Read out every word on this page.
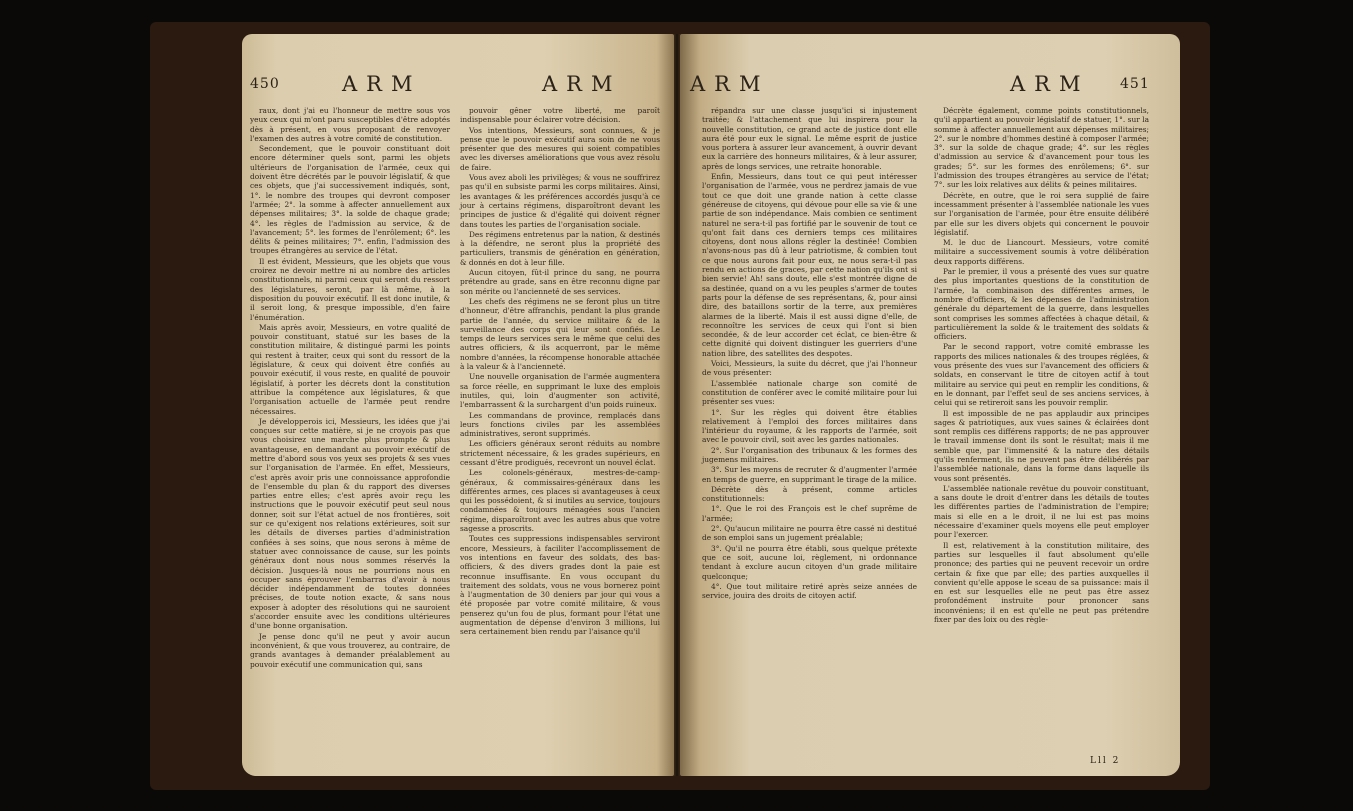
450	ARM	ARM

raux, dont j'ai eu l'honneur de mettre sous vos yeux ceux qui m'ont paru susceptibles d'être adoptés dès à présent, en vous proposant de renvoyer l'examen des autres à votre comité de constitution.

Secondement, que le pouvoir constituant doit encore déterminer quels sont, parmi les objets ultérieurs de l'organisation de l'armée, ceux qui doivent être décrétés par le pouvoir législatif, & que ces objets, que j'ai successivement indiqués, sont, 1°. le nombre des troupes qui devront composer l'armée; 2°. la somme à affecter annuellement aux dépenses militaires; 3°. la solde de chaque grade; 4°. les règles de l'admission au service, & de l'avancement; 5°. les formes de l'enrôlement; 6°. les délits & peines militaires; 7°. enfin, l'admission des troupes étrangères au service de l'état.

Il est évident, Messieurs, que les objets que vous croirez ne devoir mettre ni au nombre des articles constitutionnels, ni parmi ceux qui seront du ressort des législatures, seront, par là même, à la disposition du pouvoir exécutif. Il est donc inutile, & il seroit long, & presque impossible, d'en faire l'énumération.

Mais après avoir, Messieurs, en votre qualité de pouvoir constituant, statué sur les bases de la constitution militaire, & distingué parmi les points qui restent à traiter, ceux qui sont du ressort de la législature, & ceux qui doivent être confiés au pouvoir exécutif, il vous reste, en qualité de pouvoir législatif, à porter les décrets dont la constitution attribue la compétence aux législatures, & que l'organisation actuelle de l'armée peut rendre nécessaires.

Je développerois ici, Messieurs, les idées que j'ai conçues sur cette matière, si je ne croyois pas que vous choisirez une marche plus prompte & plus avantageuse, en demandant au pouvoir exécutif de mettre d'abord sous vos yeux ses projets & ses vues sur l'organisation de l'armée. En effet, Messieurs, c'est après avoir pris une connoissance approfondie de l'ensemble du plan & du rapport des diverses parties entre elles; c'est après avoir reçu les instructions que le pouvoir exécutif peut seul nous donner, soit sur l'état actuel de nos frontières, soit sur ce qu'exigent nos relations extérieures, soit sur les détails de diverses parties d'administration confiées à ses soins, que nous serons à même de statuer avec connoissance de cause, sur les points généraux dont nous nous sommes réservés la décision. Jusques-là nous ne pourrions nous en occuper sans éprouver l'embarras d'avoir à nous décider indépendamment de toutes données précises, de toute notion exacte, & sans nous exposer à adopter des résolutions qui ne sauroient s'accorder ensuite avec les conditions ultérieures d'une bonne organisation.

Je pense donc qu'il ne peut y avoir aucun inconvénient, & que vous trouverez, au contraire, de grands avantages à demander préalablement au pouvoir exécutif une communication qui, sans

pouvoir gêner votre liberté, me paroît indispensable pour éclairer votre décision.

Vos intentions, Messieurs, sont connues, & je pense que le pouvoir exécutif aura soin de ne vous présenter que des mesures qui soient compatibles avec les diverses améliorations que vous avez résolu de faire.

Vous avez aboli les privilèges; & vous ne souffrirez pas qu'il en subsiste parmi les corps militaires. Ainsi, les avantages & les préférences accordés jusqu'à ce jour à certains régimens, disparoîtront devant les principes de justice & d'égalité qui doivent régner dans toutes les parties de l'organisation sociale.

Des régimens entretenus par la nation, & destinés à la défendre, ne seront plus la propriété des particuliers, transmis de génération en génération, & donnés en dot à leur fille.

Aucun citoyen, fût-il prince du sang, ne pourra prétendre au grade, sans en être reconnu digne par son mérite ou l'ancienneté de ses services.

Les chefs des régimens ne se feront plus un titre d'honneur, d'être affranchis, pendant la plus grande partie de l'année, du service militaire & de la surveillance des corps qui leur sont confiés. Le temps de leurs services sera le même que celui des autres officiers, & ils acquerront, par le même nombre d'années, la récompense honorable attachée à la valeur & à l'ancienneté.

Une nouvelle organisation de l'armée augmentera sa force réelle, en supprimant le luxe des emplois inutiles, qui, loin d'augmenter son activité, l'embarrassent & la surchargent d'un poids ruineux.

Les commandans de province, remplacés dans leurs fonctions civiles par les assemblées administratives, seront supprimés.

Les officiers généraux seront réduits au nombre strictement nécessaire, & les grades supérieurs, en cessant d'être prodigués, recevront un nouvel éclat.

Les colonels-généraux, mestres-de-camp-généraux, & commissaires-généraux dans les différentes armes, ces places si avantageuses à ceux qui les possédoient, & si inutiles au service, toujours condamnées & toujours ménagées sous l'ancien régime, disparoîtront avec les autres abus que votre sagesse a proscrits.

Toutes ces suppressions indispensables serviront encore, Messieurs, à faciliter l'accomplissement de vos intentions en faveur des soldats, des bas-officiers, & des divers grades dont la paie est reconnue insuffisante. En vous occupant du traitement des soldats, vous ne vous bornerez point à l'augmentation de 30 deniers par jour qui vous a été proposée par votre comité militaire, & vous penserez qu'un fou de plus, formant pour l'état une augmentation de dépense d'environ 3 millions, lui sera certainement bien rendu par l'aisance qu'il

ARM	ARM 451

répandra sur une classe jusqu'ici si injustement traitée; & l'attachement que lui inspirera pour la nouvelle constitution, ce grand acte de justice dont elle aura été pour eux le signal. Le même esprit de justice vous portera à assurer leur avancement, à ouvrir devant eux la carrière des honneurs militaires, & à leur assurer, après de longs services, une retraite honorable.

Enfin, Messieurs, dans tout ce qui peut intéresser l'organisation de l'armée, vous ne perdrez jamais de vue tout ce que doit une grande nation à cette classe généreuse de citoyens, qui dévoue pour elle sa vie & une partie de son indépendance. Mais combien ce sentiment naturel ne sera-t-il pas fortifié par le souvenir de tout ce qu'ont fait dans ces derniers temps ces militaires citoyens, dont nous allons régler la destinée! Combien n'avons-nous pas dû à leur patriotisme, & combien tout ce que nous aurons fait pour eux, ne nous sera-t-il pas rendu en actions de graces, par cette nation qu'ils ont si bien servie! Ah! sans doute, elle s'est montrée digne de sa destinée, quand on a vu les peuples s'armer de toutes parts pour la défense de ses représentans, &, pour ainsi dire, des bataillons sortir de la terre, aux premières alarmes de la liberté. Mais il est aussi digne d'elle, de reconnoître les services de ceux qui l'ont si bien secondée, & de leur accorder cet éclat, ce bien-être & cette dignité qui doivent distinguer les guerriers d'une nation libre, des satellites des despotes.

Voici, Messieurs, la suite du décret, que j'ai l'honneur de vous présenter:

L'assemblée nationale charge son comité de constitution de conférer avec le comité militaire pour lui présenter ses vues:

1°. Sur les règles qui doivent être établies relativement à l'emploi des forces militaires dans l'intérieur du royaume, & les rapports de l'armée, soit avec le pouvoir civil, soit avec les gardes nationales.

2°. Sur l'organisation des tribunaux & les formes des jugemens militaires.

3°. Sur les moyens de recruter & d'augmenter l'armée en temps de guerre, en supprimant le tirage de la milice.

Décrète dès à présent, comme articles constitutionnels:

1°. Que le roi des François est le chef suprême de l'armée;

2°. Qu'aucun militaire ne pourra être cassé ni destitué de son emploi sans un jugement préalable;

3°. Qu'il ne pourra être établi, sous quelque prétexte que ce soit, aucune loi, règlement, ni ordonnance tendant à exclure aucun citoyen d'un grade militaire quelconque;

4°. Que tout militaire retiré après seize années de service, jouira des droits de citoyen actif.

Décrète également, comme points constitutionnels, qu'il appartient au pouvoir législatif de statuer, 1°. sur la somme à affecter annuellement aux dépenses militaires; 2°. sur le nombre d'hommes destiné à composer l'armée; 3°. sur la solde de chaque grade; 4°. sur les règles d'admission au service & d'avancement pour tous les grades; 5°. sur les formes des enrôlemens; 6°. sur l'admission des troupes étrangères au service de l'état; 7°. sur les loix relatives aux délits & peines militaires.

Décrète, en outre, que le roi sera supplié de faire incessamment présenter à l'assemblée nationale les vues sur l'organisation de l'armée, pour être ensuite délibéré par elle sur les divers objets qui concernent le pouvoir législatif.

M. le duc de Liancourt. Messieurs, votre comité militaire a successivement soumis à votre délibération deux rapports différens.

Par le premier, il vous a présenté des vues sur quatre des plus importantes questions de la constitution de l'armée, la combinaison des différentes armes, le nombre d'officiers, & les dépenses de l'administration générale du département de la guerre, dans lesquelles sont comprises les sommes affectées à chaque détail, & particulièrement la solde & le traitement des soldats & officiers.

Par le second rapport, votre comité embrasse les rapports des milices nationales & des troupes réglées, & vous présente des vues sur l'avancement des officiers & soldats, en conservant le titre de citoyen actif à tout militaire au service qui peut en remplir les conditions, & en le donnant, par l'effet seul de ses anciens services, à celui qui se retireroit sans les pouvoir remplir.

Il est impossible de ne pas applaudir aux principes sages & patriotiques, aux vues saines & éclairées dont sont remplis ces différens rapports; de ne pas approuver le travail immense dont ils sont le résultat; mais il me semble que, par l'immensité & la nature des détails qu'ils renferment, ils ne peuvent pas être délibérés par l'assemblée nationale, dans la forme dans laquelle ils vous sont présentés.

L'assemblée nationale revêtue du pouvoir constituant, a sans doute le droit d'entrer dans les détails de toutes les différentes parties de l'administration de l'empire; mais si elle en a le droit, il ne lui est pas moins nécessaire d'examiner quels moyens elle peut employer pour l'exercer.

Il est, relativement à la constitution militaire, des parties sur lesquelles il faut absolument qu'elle prononce; des parties qui ne peuvent recevoir un ordre certain & fixe que par elle; des parties auxquelles il convient qu'elle appose le sceau de sa puissance: mais il en est sur lesquelles elle ne peut pas être assez profondément instruite pour prononcer sans inconvéniens; il en est qu'elle ne peut pas prétendre fixer par des loix ou des règle-

Lll 2
